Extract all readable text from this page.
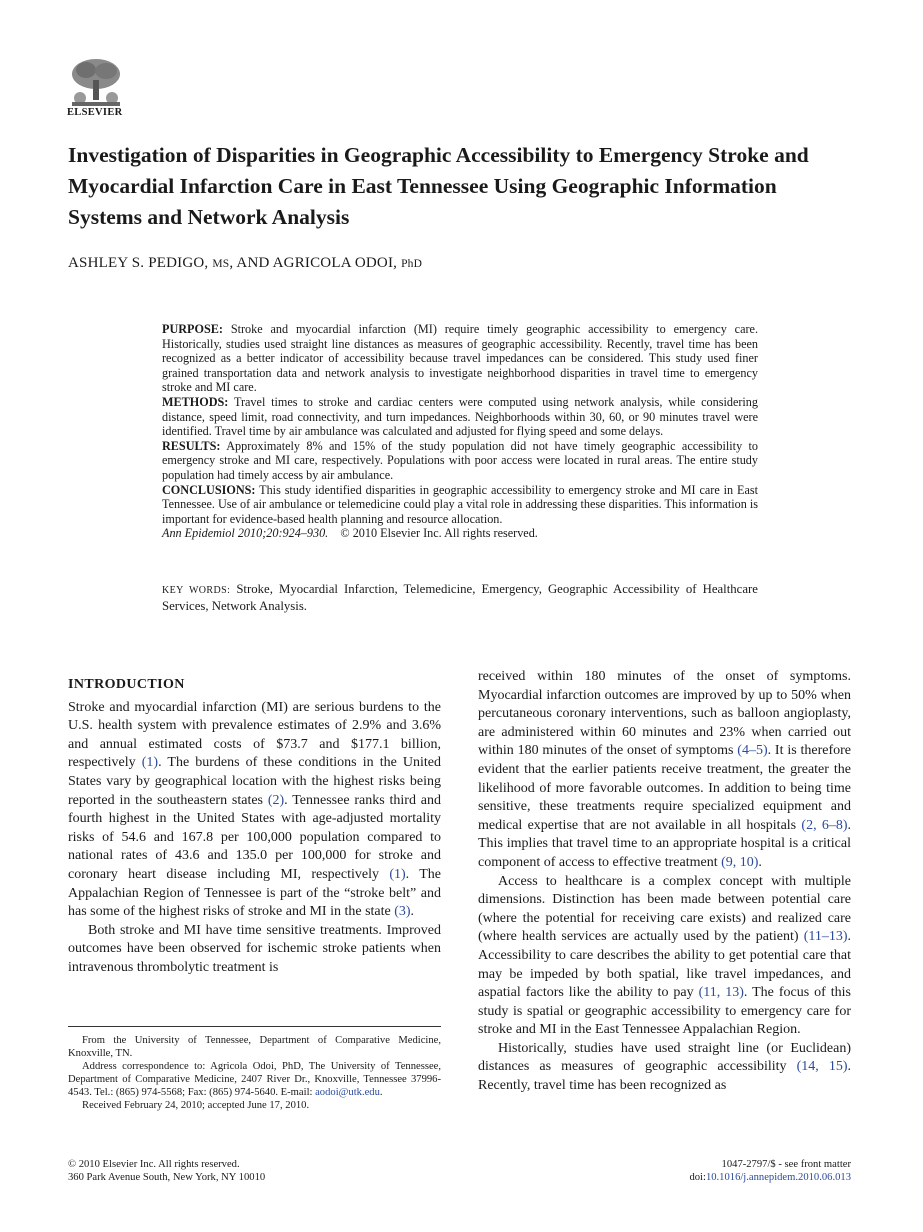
ELSEVIER
Investigation of Disparities in Geographic Accessibility to Emergency Stroke and Myocardial Infarction Care in East Tennessee Using Geographic Information Systems and Network Analysis
ASHLEY S. PEDIGO, MS, AND AGRICOLA ODOI, PhD

PURPOSE: Stroke and myocardial infarction (MI) require timely geographic accessibility to emergency care. Historically, studies used straight line distances as measures of geographic accessibility. Recently, travel time has been recognized as a better indicator of accessibility because travel impedances can be considered. This study used finer grained transportation data and network analysis to investigate neighborhood disparities in travel time to emergency stroke and MI care.

METHODS: Travel times to stroke and cardiac centers were computed using network analysis, while considering distance, speed limit, road connectivity, and turn impedances. Neighborhoods within 30, 60, or 90 minutes travel were identified. Travel time by air ambulance was calculated and adjusted for flying speed and some delays.

RESULTS: Approximately 8% and 15% of the study population did not have timely geographic accessibility to emergency stroke and MI care, respectively. Populations with poor access were located in rural areas. The entire study population had timely access by air ambulance.

CONCLUSIONS: This study identified disparities in geographic accessibility to emergency stroke and MI care in East Tennessee. Use of air ambulance or telemedicine could play a vital role in addressing these disparities. This information is important for evidence-based health planning and resource allocation.

Ann Epidemiol 2010;20:924–930. © 2010 Elsevier Inc. All rights reserved.

KEY WORDS: Stroke, Myocardial Infarction, Telemedicine, Emergency, Geographic Accessibility of Healthcare Services, Network Analysis.
INTRODUCTION

Stroke and myocardial infarction (MI) are serious burdens to the U.S. health system with prevalence estimates of 2.9% and 3.6% and annual estimated costs of $73.7 and $177.1 billion, respectively (1). The burdens of these conditions in the United States vary by geographical location with the highest risks being reported in the southeastern states (2). Tennessee ranks third and fourth highest in the United States with age-adjusted mortality risks of 54.6 and 167.8 per 100,000 population compared to national rates of 43.6 and 135.0 per 100,000 for stroke and coronary heart disease including MI, respectively (1). The Appalachian Region of Tennessee is part of the “stroke belt” and has some of the highest risks of stroke and MI in the state (3).

Both stroke and MI have time sensitive treatments. Improved outcomes have been observed for ischemic stroke patients when intravenous thrombolytic treatment is

received within 180 minutes of the onset of symptoms. Myocardial infarction outcomes are improved by up to 50% when percutaneous coronary interventions, such as balloon angioplasty, are administered within 60 minutes and 23% when carried out within 180 minutes of the onset of symptoms (4–5). It is therefore evident that the earlier patients receive treatment, the greater the likelihood of more favorable outcomes. In addition to being time sensitive, these treatments require specialized equipment and medical expertise that are not available in all hospitals (2, 6–8). This implies that travel time to an appropriate hospital is a critical component of access to effective treatment (9, 10).

Access to healthcare is a complex concept with multiple dimensions. Distinction has been made between potential care (where the potential for receiving care exists) and realized care (where health services are actually used by the patient) (11–13). Accessibility to care describes the ability to get potential care that may be impeded by both spatial, like travel impedances, and aspatial factors like the ability to pay (11, 13). The focus of this study is spatial or geographic accessibility to emergency care for stroke and MI in the East Tennessee Appalachian Region.

Historically, studies have used straight line (or Euclidean) distances as measures of geographic accessibility (14, 15). Recently, travel time has been recognized as

From the University of Tennessee, Department of Comparative Medicine, Knoxville, TN.

Address correspondence to: Agricola Odoi, PhD, The University of Tennessee, Department of Comparative Medicine, 2407 River Dr., Knoxville, Tennessee 37996-4543. Tel.: (865) 974-5568; Fax: (865) 974-5640. E-mail: aodoi@utk.edu.

Received February 24, 2010; accepted June 17, 2010.

© 2010 Elsevier Inc. All rights reserved.
360 Park Avenue South, New York, NY 10010
1047-2797/$ - see front matter
doi:10.1016/j.annepidem.2010.06.013
